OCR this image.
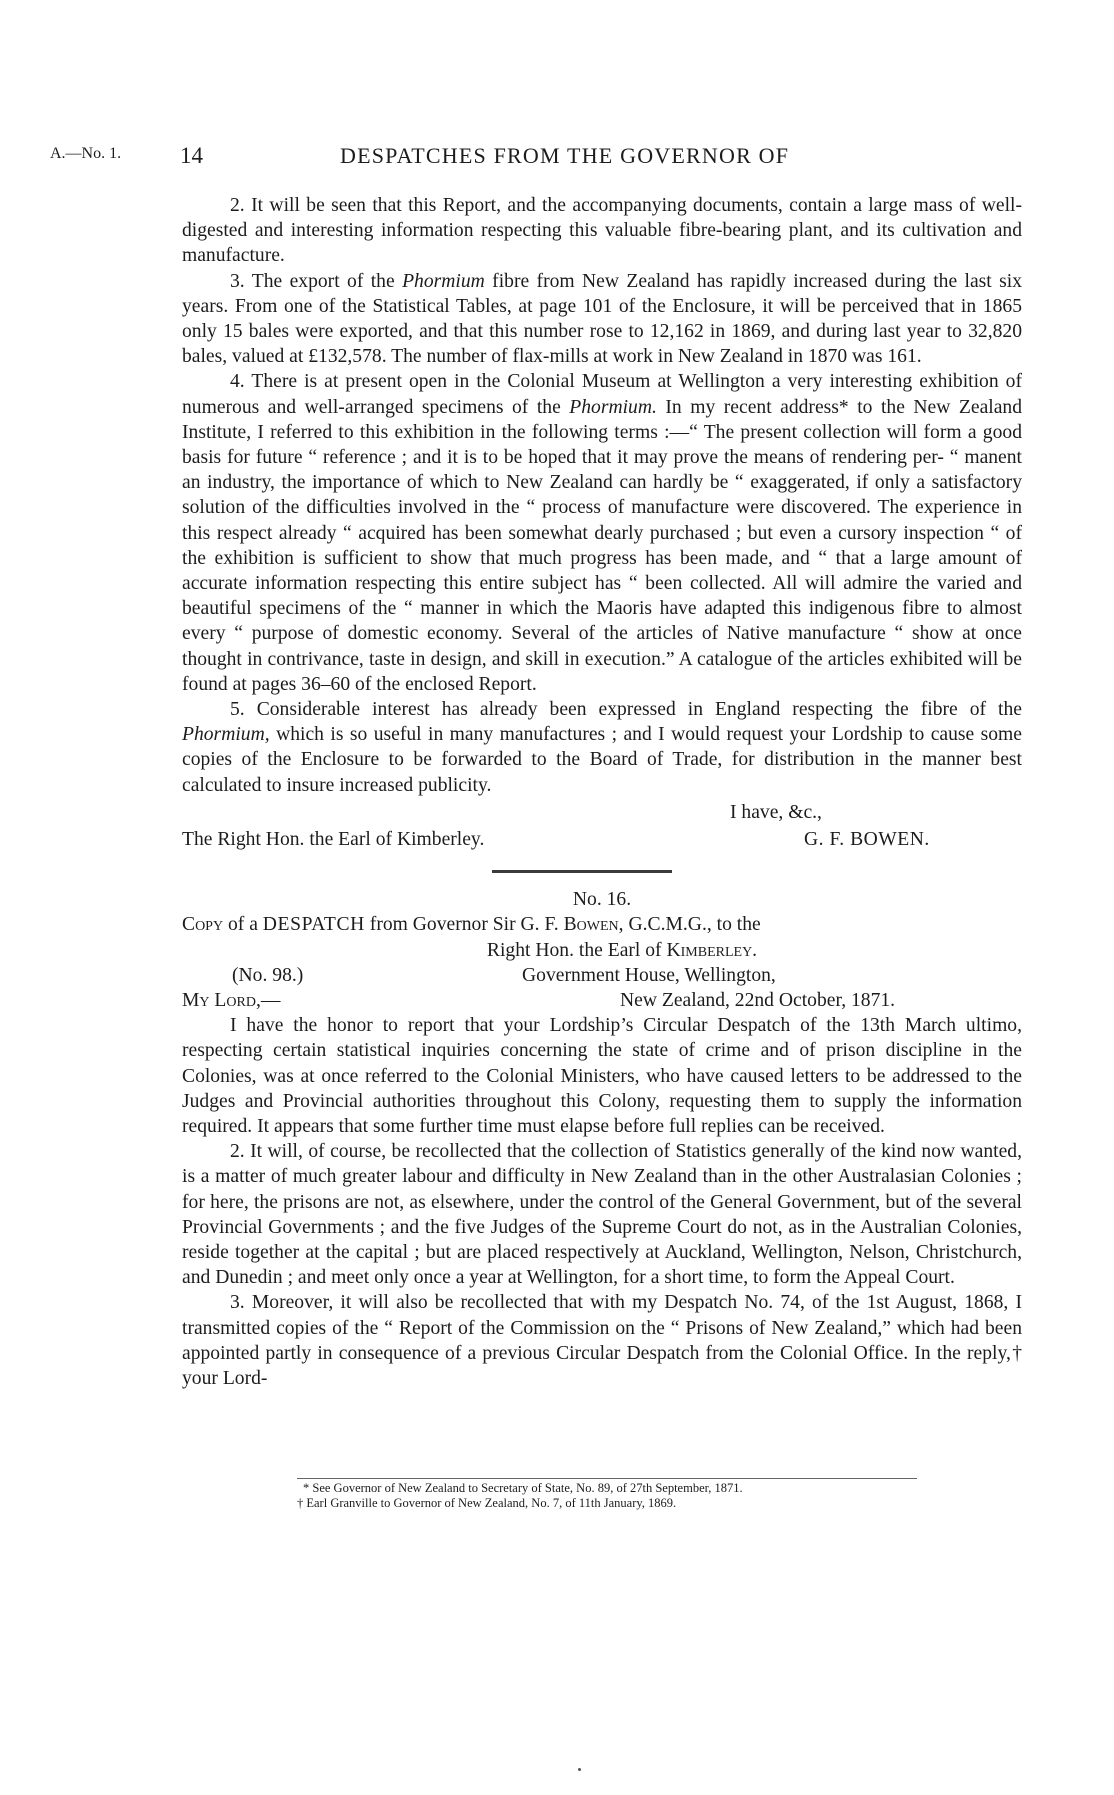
A.—No. 1.	14	DESPATCHES FROM THE GOVERNOR OF

2. It will be seen that this Report, and the accompanying documents, contain a large mass of well-digested and interesting information respecting this valuable fibre-bearing plant, and its cultivation and manufacture.

3. The export of the Phormium fibre from New Zealand has rapidly increased during the last six years. From one of the Statistical Tables, at page 101 of the Enclosure, it will be perceived that in 1865 only 15 bales were exported, and that this number rose to 12,162 in 1869, and during last year to 32,820 bales, valued at £132,578. The number of flax-mills at work in New Zealand in 1870 was 161.

4. There is at present open in the Colonial Museum at Wellington a very interesting exhibition of numerous and well-arranged specimens of the Phormium. In my recent address* to the New Zealand Institute, I referred to this exhibition in the following terms :—“ The present collection will form a good basis for future “ reference ; and it is to be hoped that it may prove the means of rendering per- “ manent an industry, the importance of which to New Zealand can hardly be “ exaggerated, if only a satisfactory solution of the difficulties involved in the “ process of manufacture were discovered. The experience in this respect already “ acquired has been somewhat dearly purchased ; but even a cursory inspection “ of the exhibition is sufficient to show that much progress has been made, and “ that a large amount of accurate information respecting this entire subject has “ been collected. All will admire the varied and beautiful specimens of the “ manner in which the Maoris have adapted this indigenous fibre to almost every “ purpose of domestic economy. Several of the articles of Native manufacture “ show at once thought in contrivance, taste in design, and skill in execution.” A catalogue of the articles exhibited will be found at pages 36–60 of the enclosed Report.

5. Considerable interest has already been expressed in England respecting the fibre of the Phormium, which is so useful in many manufactures ; and I would request your Lordship to cause some copies of the Enclosure to be forwarded to the Board of Trade, for distribution in the manner best calculated to insure increased publicity.

I have, &c.,
The Right Hon. the Earl of Kimberley.	G. F. BOWEN.
No. 16.
Copy of a DESPATCH from Governor Sir G. F. Bowen, G.C.M.G., to the
Right Hon. the Earl of Kimberley.
(No. 98.)	Government House, Wellington,
My Lord,—	New Zealand, 22nd October, 1871.

I have the honor to report that your Lordship’s Circular Despatch of the 13th March ultimo, respecting certain statistical inquiries concerning the state of crime and of prison discipline in the Colonies, was at once referred to the Colonial Ministers, who have caused letters to be addressed to the Judges and Provincial authorities throughout this Colony, requesting them to supply the information required. It appears that some further time must elapse before full replies can be received.

2. It will, of course, be recollected that the collection of Statistics generally of the kind now wanted, is a matter of much greater labour and difficulty in New Zealand than in the other Australasian Colonies ; for here, the prisons are not, as elsewhere, under the control of the General Government, but of the several Provincial Governments ; and the five Judges of the Supreme Court do not, as in the Australian Colonies, reside together at the capital ; but are placed respectively at Auckland, Wellington, Nelson, Christchurch, and Dunedin ; and meet only once a year at Wellington, for a short time, to form the Appeal Court.

3. Moreover, it will also be recollected that with my Despatch No. 74, of the 1st August, 1868, I transmitted copies of the “ Report of the Commission on the “ Prisons of New Zealand,” which had been appointed partly in consequence of a previous Circular Despatch from the Colonial Office. In the reply,† your Lord-

* See Governor of New Zealand to Secretary of State, No. 89, of 27th September, 1871.
† Earl Granville to Governor of New Zealand, No. 7, of 11th January, 1869.
